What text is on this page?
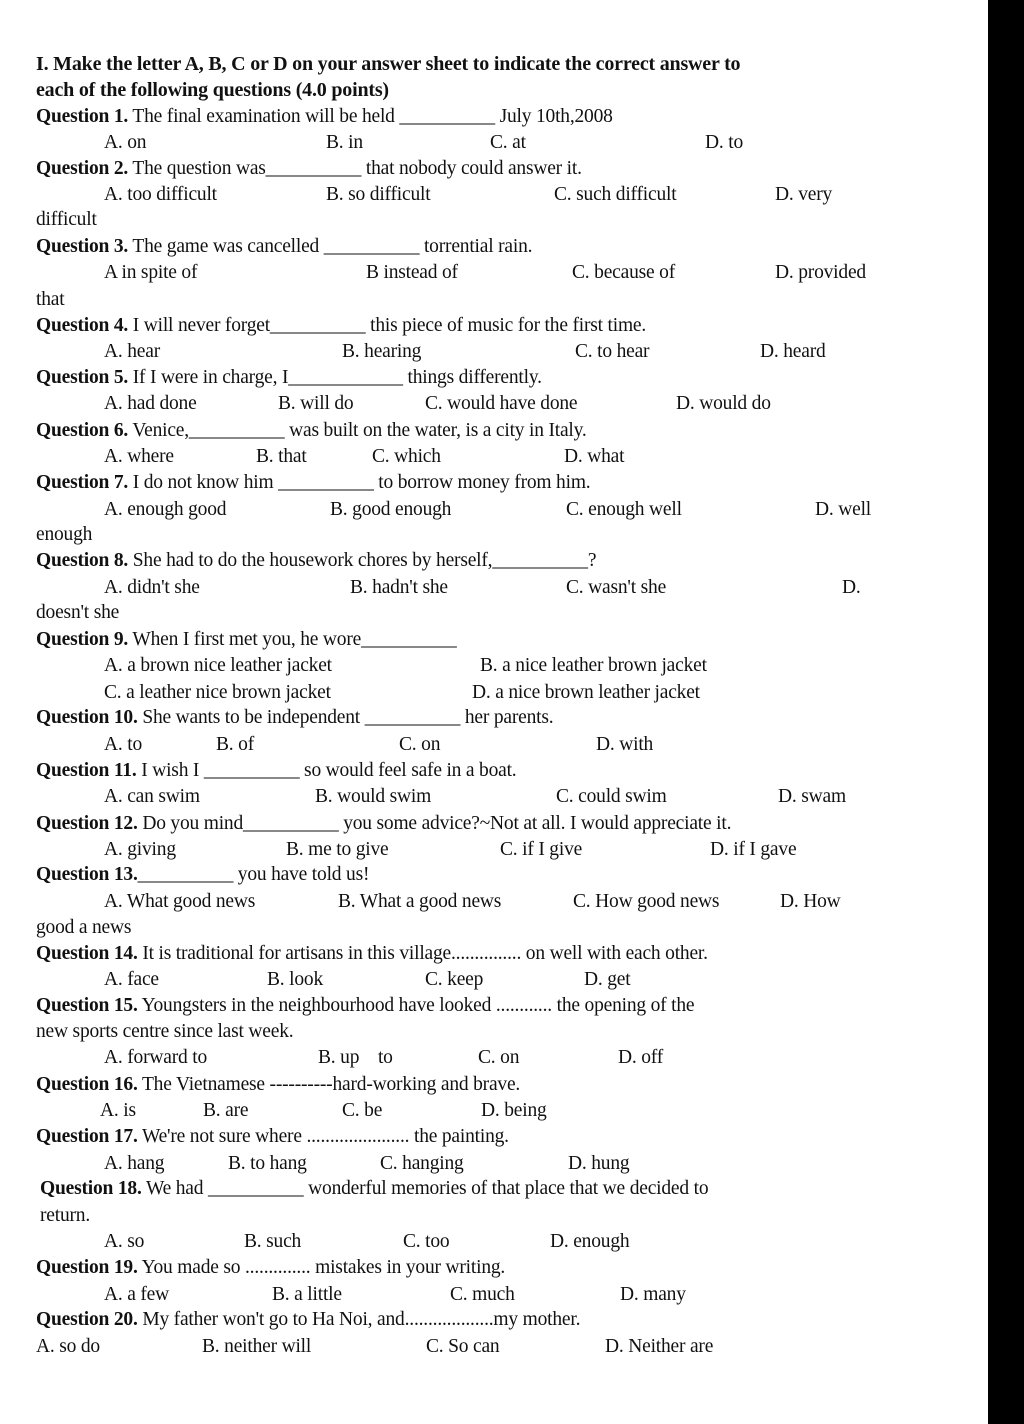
I. Make the letter A, B, C or D on your answer sheet to indicate the correct answer to
each of the following questions (4.0 points)
Question 1. The final examination will be held __________ July 10th,2008
A. on	B. in	C. at	D. to
Question 2. The question was__________ that nobody could answer it.
A. too difficult	B. so difficult	C. such difficult	D. very
difficult
Question 3. The game was cancelled __________ torrential rain.
A in spite of	B instead of	C. because of	D. provided
that
Question 4. I will never forget__________ this piece of music for the first time.
A. hear	B. hearing	C. to hear	D. heard
Question 5. If I were in charge, I____________ things differently.
A. had done	B. will do	C. would have done	D. would do
Question 6. Venice,__________ was built on the water, is a city in Italy.
A. where	B. that	C. which	D. what
Question 7. I do not know him __________ to borrow money from him.
A. enough good	B. good enough	C. enough well	D. well
enough
Question 8. She had to do the housework chores by herself,__________?
A. didn't she	B. hadn't she	C. wasn't she	D.
doesn't she
Question 9. When I first met you, he wore__________
A. a brown nice leather jacket	B. a nice leather brown jacket
C. a leather nice brown jacket	D. a nice brown leather jacket
Question 10. She wants to be independent __________ her parents.
A. to	B. of	C. on	D. with
Question 11. I wish I __________ so would feel safe in a boat.
A. can swim	B. would swim	C. could swim	D. swam
Question 12. Do you mind__________ you some advice?~Not at all. I would appreciate it.
A. giving	B. me to give	C. if I give	D. if I gave
Question 13.__________ you have told us!
A. What good news	B. What a good news	C. How good news	D. How
good a news
Question 14. It is traditional for artisans in this village............... on well with each other.
A. face	B. look	C. keep	D. get
Question 15. Youngsters in the neighbourhood have looked ............ the opening of the
new sports centre since last week.
A. forward to	B. up    to	C. on	D. off
Question 16. The Vietnamese ----------hard-working and brave.
A. is	B. are	C. be	D. being
Question 17. We're not sure where ...................... the painting.
A. hang	B. to hang	C. hanging	D. hung
Question 18. We had __________ wonderful memories of that place that we decided to
return.
A. so	B. such	C. too	D. enough
Question 19. You made so .............. mistakes in your writing.
A. a few	B. a little	C. much	D. many
Question 20. My father won't go to Ha Noi, and...................my mother.
A. so do	B. neither will	C. So can	D. Neither are
